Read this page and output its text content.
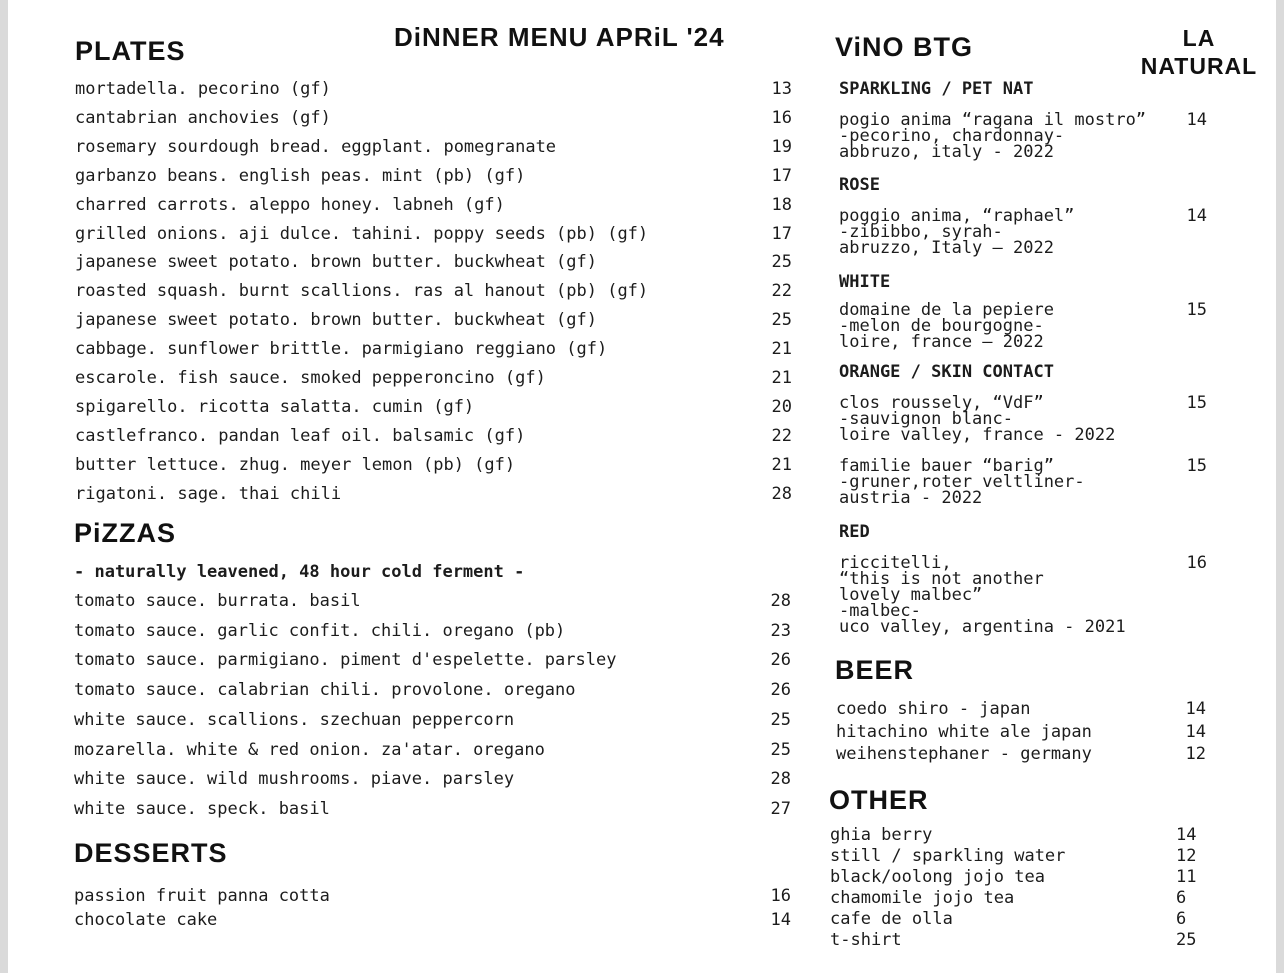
PLATES	DiNNER MENU APRiL '24
PiZZAS
- naturally leavened, 48 hour cold ferment -
DESSERTS
ViNO BTG	LA NATURAL
BEER
OTHER
mortadella. pecorino (gf)	13
cantabrian anchovies (gf)	16
rosemary sourdough bread. eggplant. pomegranate	19
garbanzo beans. english peas. mint (pb) (gf)	17
charred carrots. aleppo honey. labneh (gf)	18
grilled onions. aji dulce. tahini. poppy seeds (pb) (gf)	17
japanese sweet potato. brown butter. buckwheat (gf)	25
roasted squash. burnt scallions. ras al hanout (pb) (gf)	22
japanese sweet potato. brown butter. buckwheat (gf)	25
cabbage. sunflower brittle. parmigiano reggiano (gf)	21
escarole. fish sauce. smoked pepperoncino (gf)	21
spigarello. ricotta salatta. cumin (gf)	20
castlefranco. pandan leaf oil. balsamic (gf)	22
butter lettuce. zhug. meyer lemon (pb) (gf)	21
rigatoni. sage. thai chili	28
tomato sauce. burrata. basil	28
tomato sauce. garlic confit. chili. oregano (pb)	23
tomato sauce. parmigiano. piment d'espelette. parsley	26
tomato sauce. calabrian chili. provolone. oregano	26
white sauce. scallions. szechuan peppercorn	25
mozarella. white & red onion. za'atar. oregano	25
white sauce. wild mushrooms. piave. parsley	28
white sauce. speck. basil	27
passion fruit panna cotta	16
chocolate cake	14
coedo shiro - japan	14
hitachino white ale japan	14
weihenstephaner - germany	12
ghia berry	14
still / sparkling water	12
black/oolong jojo tea	11
chamomile jojo tea	6
cafe de olla	6
t-shirt	25
SPARKLING / PET NAT
pogio anima “ragana il mostro”
-pecorino, chardonnay-
abbruzo, italy - 2022
14
ROSE
poggio anima, “raphael”
-zibibbo, syrah-
abruzzo, Italy – 2022
14
WHITE
domaine de la pepiere
-melon de bourgogne-
loire, france – 2022
15
ORANGE / SKIN CONTACT
clos roussely, “VdF”
-sauvignon blanc-
loire valley, france - 2022
15
familie bauer “barig”
-gruner,roter veltliner-
austria - 2022
15
RED
riccitelli,
“this is not another
lovely malbec”
-malbec-
uco valley, argentina - 2021
16
